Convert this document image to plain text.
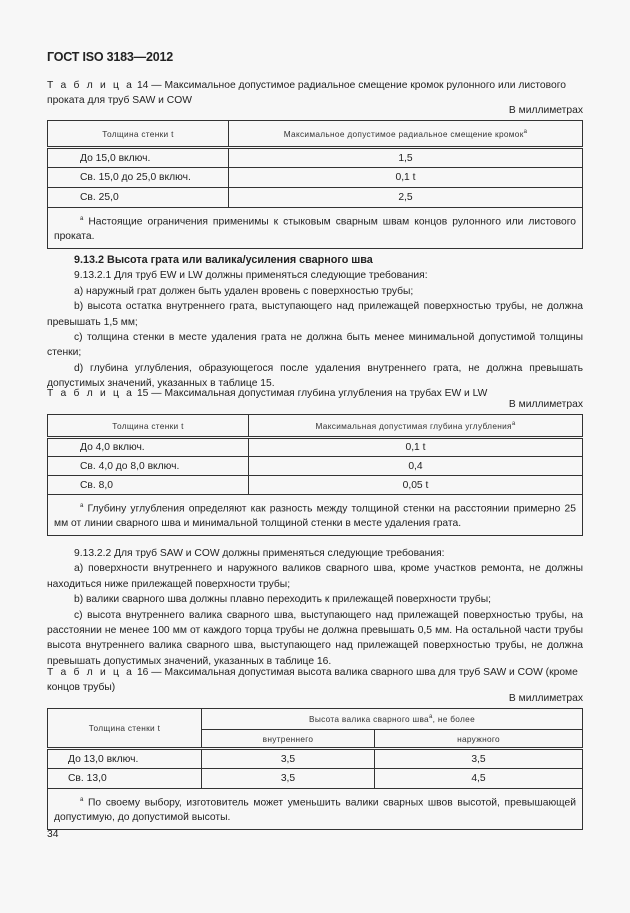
ГОСТ ISO 3183—2012
Т а б л и ц а 14 — Максимальное допустимое радиальное смещение кромок рулонного или листового проката для труб SAW и COW
В миллиметрах
Толщина стенки t	Максимальное допустимое радиальное смещение кромок$^a$
До 15,0 включ.	1,5
Св. 15,0 до 25,0 включ.	0,1 t
Св. 25,0	2,5
$^a$ Настоящие ограничения применимы к стыковым сварным швам концов рулонного или листового проката.	

9.13.2 Высота грата или валика/усиления сварного шва

9.13.2.1 Для труб EW и LW должны применяться следующие требования:

a) наружный грат должен быть удален вровень с поверхностью трубы;

b) высота остатка внутреннего грата, выступающего над прилежащей поверхностью трубы, не должна превышать 1,5 мм;

c) толщина стенки в месте удаления грата не должна быть менее минимальной допустимой толщины стенки;

d) глубина углубления, образующегося после удаления внутреннего грата, не должна превышать допустимых значений, указанных в таблице 15.

Т а б л и ц а 15 — Максимальная допустимая глубина углубления на трубах EW и LW
В миллиметрах
Толщина стенки t	Максимальная допустимая глубина углубления$^a$
До 4,0 включ.	0,1 t
Св. 4,0 до 8,0 включ.	0,4
Св. 8,0	0,05 t
$^a$ Глубину углубления определяют как разность между толщиной стенки на расстоянии примерно 25 мм от линии сварного шва и минимальной толщиной стенки в месте удаления грата.	

9.13.2.2 Для труб SAW и COW должны применяться следующие требования:

a) поверхности внутреннего и наружного валиков сварного шва, кроме участков ремонта, не должны находиться ниже прилежащей поверхности трубы;

b) валики сварного шва должны плавно переходить к прилежащей поверхности трубы;

c) высота внутреннего валика сварного шва, выступающего над прилежащей поверхностью трубы, на расстоянии не менее 100 мм от каждого торца трубы не должна превышать 0,5 мм. На остальной части трубы высота внутреннего валика сварного шва, выступающего над прилежащей поверхностью трубы, не должна превышать допустимых значений, указанных в таблице 16.

Т а б л и ц а 16 — Максимальная допустимая высота валика сварного шва для труб SAW и COW (кроме концов трубы)
В миллиметрах
Толщина стенки t	Высота валика сварного шва$^a$, не более	
	внутреннего	наружного
До 13,0 включ.	3,5	3,5
Св. 13,0	3,5	4,5
$^a$ По своему выбору, изготовитель может уменьшить валики сварных швов высотой, превышающей допустимую, до допустимой высоты.		
34
